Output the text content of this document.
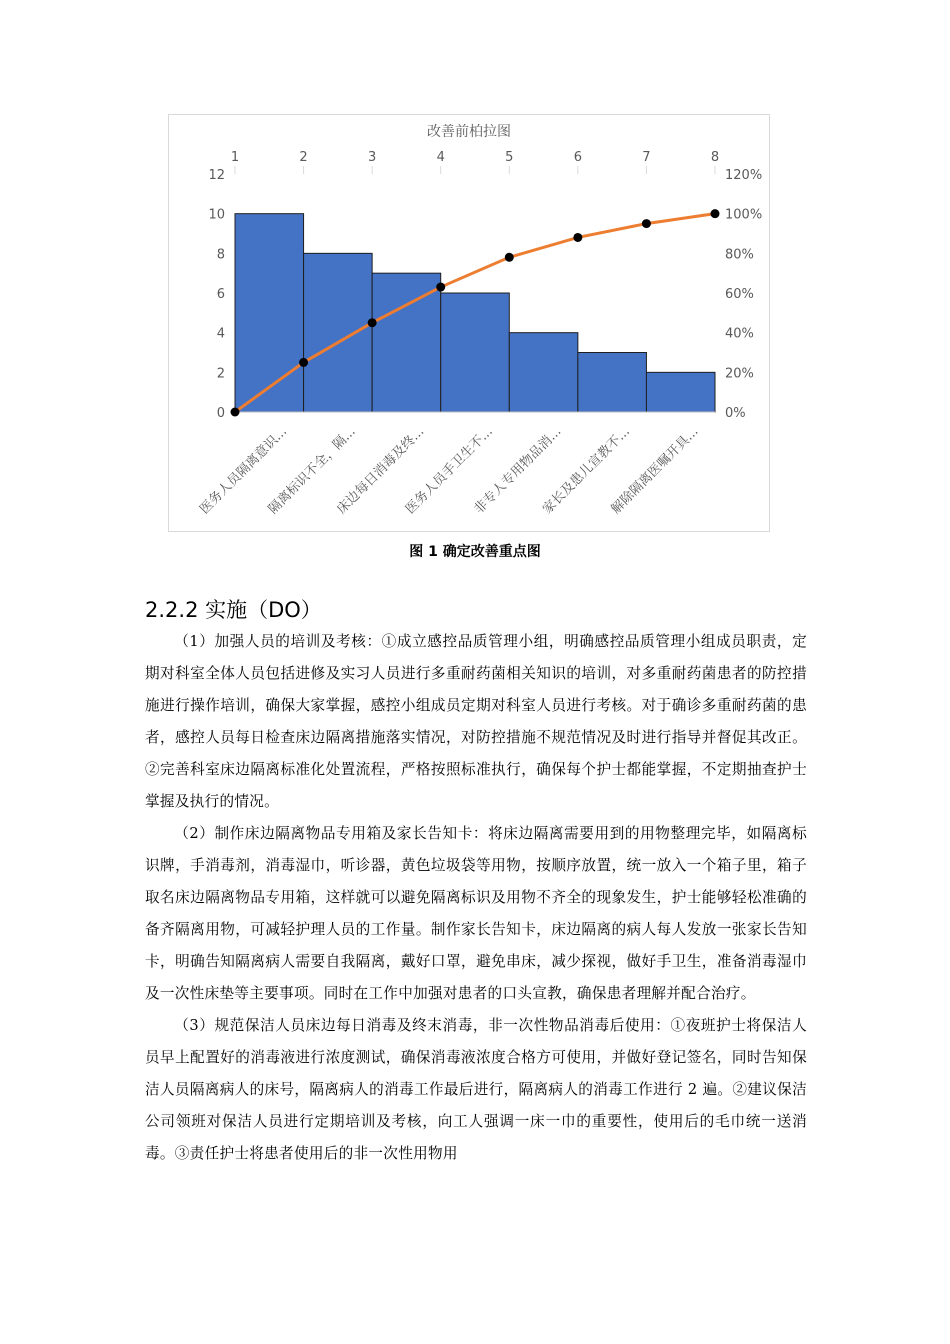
改善前柏拉图
0
2
4
6
8
10
12
0%
20%
40%
60%
80%
100%
120%
1	2	3	4	5	6	7	8
医务人员隔离意识...
隔离标识不全，隔...
床边每日消毒及终...
医务人员手卫生不...
非专人专用物品消...
家长及患儿宣教不...
解除隔离医嘱开具...
图 1 确定改善重点图
2.2.2 实施（DO）

（1）加强人员的培训及考核：①成立感控品质管理小组，明确感控品质管理小组成员职责，定期对科室全体人员包括进修及实习人员进行多重耐药菌相关知识的培训，对多重耐药菌患者的防控措施进行操作培训，确保大家掌握，感控小组成员定期对科室人员进行考核。对于确诊多重耐药菌的患者，感控人员每日检查床边隔离措施落实情况，对防控措施不规范情况及时进行指导并督促其改正。②完善科室床边隔离标准化处置流程，严格按照标准执行，确保每个护士都能掌握，不定期抽查护士掌握及执行的情况。

（2）制作床边隔离物品专用箱及家长告知卡：将床边隔离需要用到的用物整理完毕，如隔离标识牌，手消毒剂，消毒湿巾，听诊器，黄色垃圾袋等用物，按顺序放置，统一放入一个箱子里，箱子取名床边隔离物品专用箱，这样就可以避免隔离标识及用物不齐全的现象发生，护士能够轻松准确的备齐隔离用物，可减轻护理人员的工作量。制作家长告知卡，床边隔离的病人每人发放一张家长告知卡，明确告知隔离病人需要自我隔离，戴好口罩，避免串床，减少探视，做好手卫生，准备消毒湿巾及一次性床垫等主要事项。同时在工作中加强对患者的口头宣教，确保患者理解并配合治疗。

（3）规范保洁人员床边每日消毒及终末消毒，非一次性物品消毒后使用：①夜班护士将保洁人员早上配置好的消毒液进行浓度测试，确保消毒液浓度合格方可使用，并做好登记签名，同时告知保洁人员隔离病人的床号，隔离病人的消毒工作最后进行，隔离病人的消毒工作进行 2 遍。②建议保洁公司领班对保洁人员进行定期培训及考核，向工人强调一床一巾的重要性，使用后的毛巾统一送消毒。③责任护士将患者使用后的非一次性用物用
